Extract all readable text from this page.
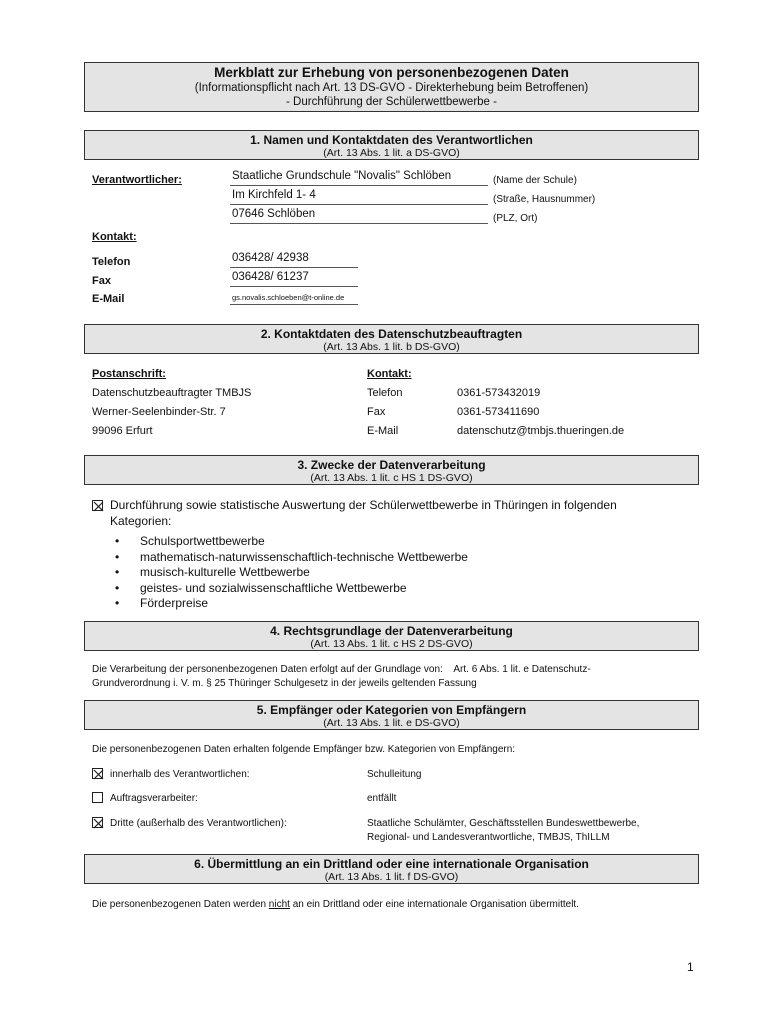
Merkblatt zur Erhebung von personenbezogenen Daten
(Informationspflicht nach Art. 13 DS-GVO - Direkterhebung beim Betroffenen)
- Durchführung der Schülerwettbewerbe -
1. Namen und Kontaktdaten des Verantwortlichen
(Art. 13 Abs. 1 lit. a DS-GVO)
Verantwortlicher:	Staatliche Grundschule "Novalis" Schlöben	(Name der Schule)
Im Kirchfeld 1- 4	(Straße, Hausnummer)
07646 Schlöben	(PLZ, Ort)
Kontakt:
Telefon	036428/ 42938
Fax	036428/ 61237
E-Mail	gs.novalis.schloeben@t-online.de
2. Kontaktdaten des Datenschutzbeauftragten
(Art. 13 Abs. 1 lit. b DS-GVO)
Postanschrift:
Datenschutzbeauftragter TMBJS
Werner-Seelenbinder-Str. 7
99096 Erfurt
Kontakt:
Telefon	0361-573432019
Fax	0361-573411690
E-Mail	datenschutz@tmbjs.thueringen.de
3. Zwecke der Datenverarbeitung
(Art. 13 Abs. 1 lit. c HS 1 DS-GVO)
Durchführung sowie statistische Auswertung der Schülerwettbewerbe in Thüringen in folgenden
Kategorien:
• Schulsportwettbewerbe
• mathematisch-naturwissenschaftlich-technische Wettbewerbe
• musisch-kulturelle Wettbewerbe
• geistes- und sozialwissenschaftliche Wettbewerbe
• Förderpreise
4. Rechtsgrundlage der Datenverarbeitung
(Art. 13 Abs. 1 lit. c HS 2 DS-GVO)
Die Verarbeitung der personenbezogenen Daten erfolgt auf der Grundlage von:    Art. 6 Abs. 1 lit. e Datenschutz-
Grundverordnung i. V. m. § 25 Thüringer Schulgesetz in der jeweils geltenden Fassung
5. Empfänger oder Kategorien von Empfängern
(Art. 13 Abs. 1 lit. e DS-GVO)
Die personenbezogenen Daten erhalten folgende Empfänger bzw. Kategorien von Empfängern:
innerhalb des Verantwortlichen:	Schulleitung
Auftragsverarbeiter:	entfällt
Dritte (außerhalb des Verantwortlichen):	Staatliche Schulämter, Geschäftsstellen Bundeswettbewerbe,
Regional- und Landesverantwortliche, TMBJS, ThILLM
6. Übermittlung an ein Drittland oder eine internationale Organisation
(Art. 13 Abs. 1 lit. f DS-GVO)
Die personenbezogenen Daten werden nicht an ein Drittland oder eine internationale Organisation übermittelt.
1
